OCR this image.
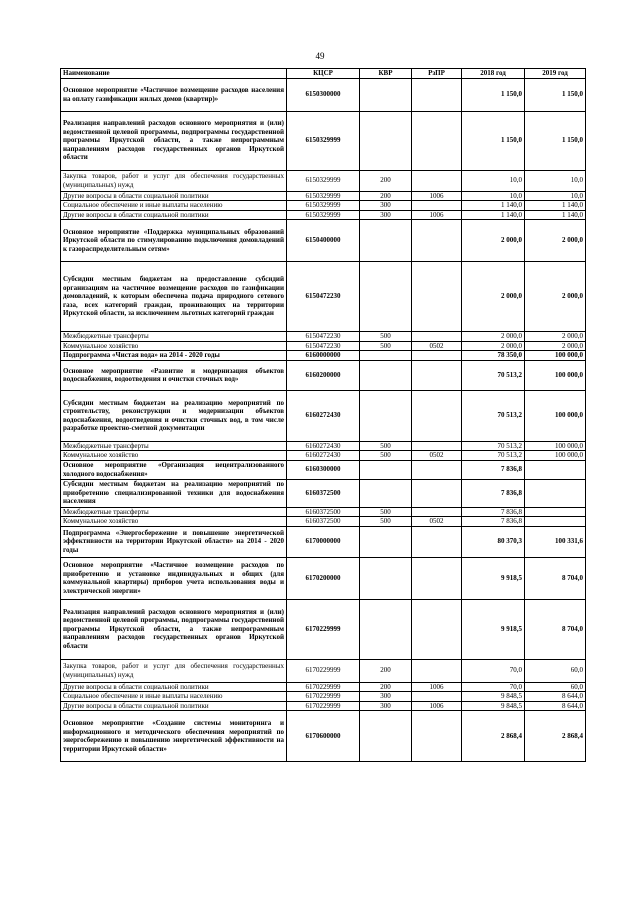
49
Наименование	КЦСР	КВР	РзПР	2018 год	2019 год
Основное мероприятие «Частичное возмещение расходов населения на оплату газификации жилых домов (квартир)»	6150300000			1 150,0	1 150,0
Реализация направлений расходов основного мероприятия и (или) ведомственной целевой программы, подпрограммы государственной программы Иркутской области, а также непрограммным направлениям расходов государственных органов Иркутской области	6150329999			1 150,0	1 150,0
Закупка товаров, работ и услуг для обеспечения государственных (муниципальных) нужд	6150329999	200		10,0	10,0
Другие вопросы в области социальной политики	6150329999	200	1006	10,0	10,0
Социальное обеспечение и иные выплаты населению	6150329999	300		1 140,0	1 140,0
Другие вопросы в области социальной политики	6150329999	300	1006	1 140,0	1 140,0
Основное мероприятие «Поддержка муниципальных образований Иркутской области по стимулированию подключения домовладений к газораспределительным сетям»	6150400000			2 000,0	2 000,0
Субсидии местным бюджетам на предоставление субсидий организациям на частичное возмещение расходов по газификации домовладений, к которым обеспечена подача природного сетевого газа, всех категорий граждан, проживающих на территории Иркутской области, за исключением льготных категорий граждан	6150472230			2 000,0	2 000,0
Межбюджетные трансферты	6150472230	500		2 000,0	2 000,0
Коммунальное хозяйство	6150472230	500	0502	2 000,0	2 000,0
Подпрограмма «Чистая вода» на 2014 - 2020 годы	6160000000			78 350,0	100 000,0
Основное мероприятие «Развитие и модернизация объектов водоснабжения, водоотведения и очистки сточных вод»	6160200000			70 513,2	100 000,0
Субсидии местным бюджетам на реализацию мероприятий по строительству, реконструкции и модернизации объектов водоснабжения, водоотведения и очистки сточных вод, в том числе разработке проектно-сметной документации	6160272430			70 513,2	100 000,0
Межбюджетные трансферты	6160272430	500		70 513,2	100 000,0
Коммунальное хозяйство	6160272430	500	0502	70 513,2	100 000,0
Основное мероприятие «Организация нецентрализованного холодного водоснабжения»	6160300000			7 836,8	
Субсидии местным бюджетам на реализацию мероприятий по приобретению специализированной техники для водоснабжения населения	6160372500			7 836,8	
Межбюджетные трансферты	6160372500	500		7 836,8	
Коммунальное хозяйство	6160372500	500	0502	7 836,8	
Подпрограмма «Энергосбережение и повышение энергетической эффективности на территории Иркутской области» на 2014 - 2020 годы	6170000000			80 370,3	100 331,6
Основное мероприятие «Частичное возмещение расходов по приобретению и установке индивидуальных и общих (для коммунальной квартиры) приборов учета использования воды и электрической энергии»	6170200000			9 918,5	8 704,0
Реализация направлений расходов основного мероприятия и (или) ведомственной целевой программы, подпрограммы государственной программы Иркутской области, а также непрограммным направлениям расходов государственных органов Иркутской области	6170229999			9 918,5	8 704,0
Закупка товаров, работ и услуг для обеспечения государственных (муниципальных) нужд	6170229999	200		70,0	60,0
Другие вопросы в области социальной политики	6170229999	200	1006	70,0	60,0
Социальное обеспечение и иные выплаты населению	6170229999	300		9 848,5	8 644,0
Другие вопросы в области социальной политики	6170229999	300	1006	9 848,5	8 644,0
Основное мероприятие «Создание системы мониторинга и информационного и методического обеспечения мероприятий по энергосбережению и повышению энергетической эффективности на территории Иркутской области»	6170600000			2 868,4	2 868,4
